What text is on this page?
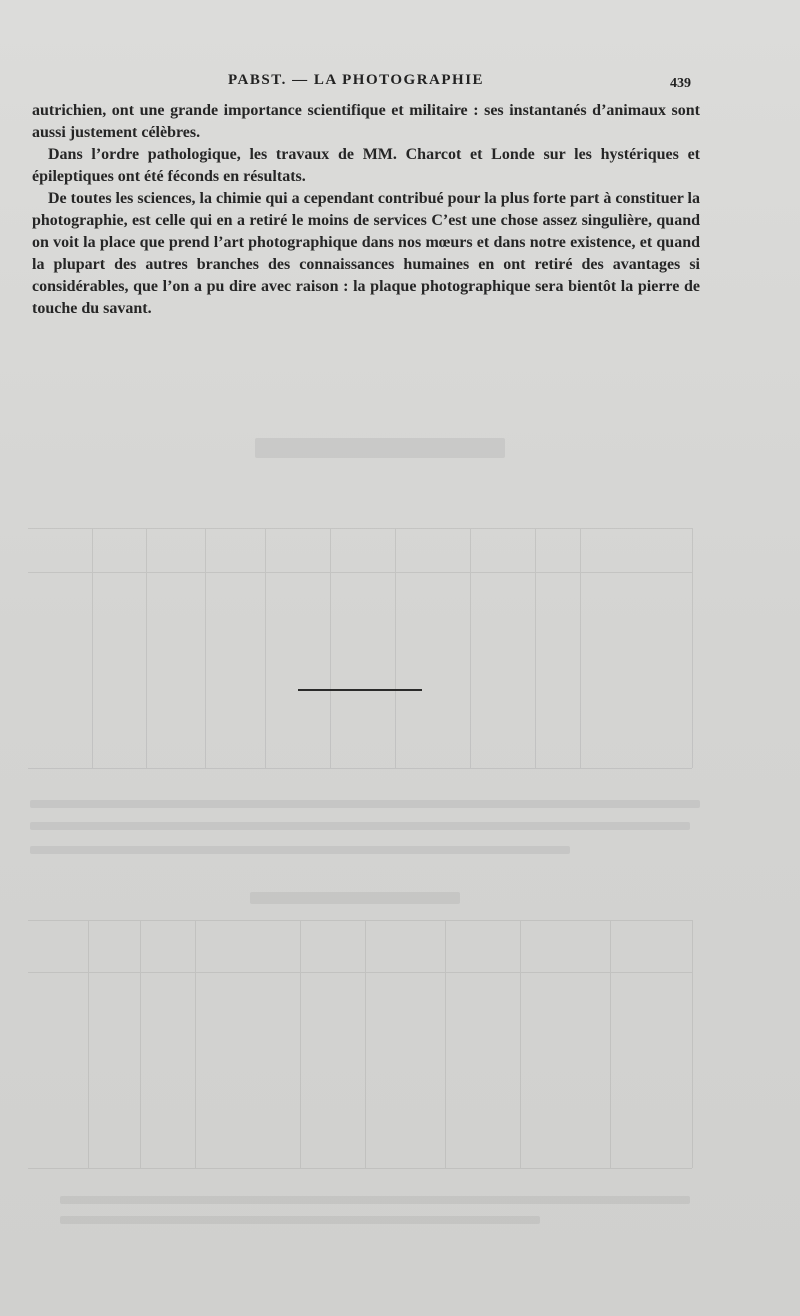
PABST. — LA PHOTOGRAPHIE	439

autrichien, ont une grande importance scientifique et militaire : ses instantanés d’animaux sont aussi justement célèbres.

Dans l’ordre pathologique, les travaux de MM. Charcot et Londe sur les hystériques et épileptiques ont été féconds en résultats.

De toutes les sciences, la chimie qui a cependant contribué pour la plus forte part à constituer la photographie, est celle qui en a retiré le moins de services C’est une chose assez singulière, quand on voit la place que prend l’art photographique dans nos mœurs et dans notre existence, et quand la plupart des autres branches des connaissances humaines en ont retiré des avantages si considérables, que l’on a pu dire avec raison : la plaque photographique sera bientôt la pierre de touche du savant.
